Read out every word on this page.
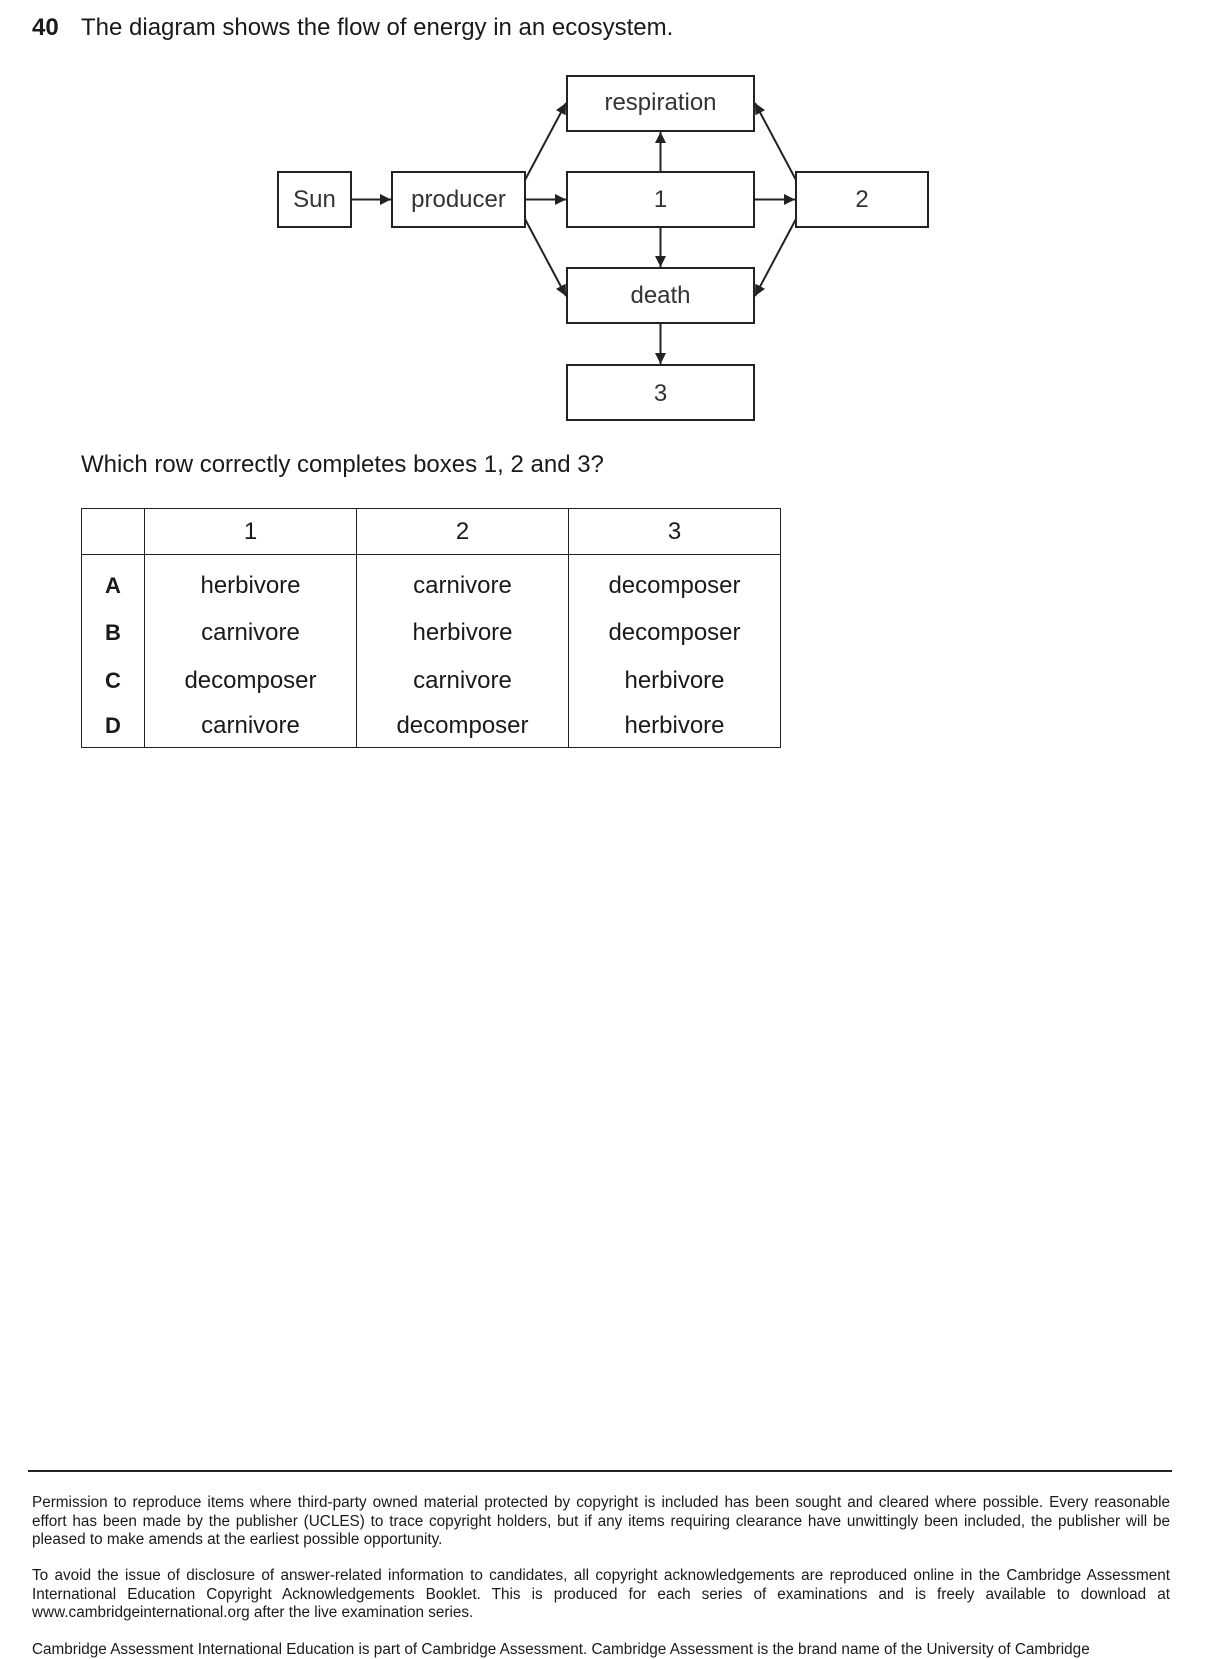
40 The diagram shows the flow of energy in an ecosystem.
Sun	producer
respiration
1	2
death
3
Which row correctly completes boxes 1, 2 and 3?
	1	2	3
A	herbivore	carnivore	decomposer
B	carnivore	herbivore	decomposer
C	decomposer	carnivore	herbivore
D	carnivore	decomposer	herbivore
Permission to reproduce items where third-party owned material protected by copyright is included has been sought and cleared where possible. Every reasonable effort has been made by the publisher (UCLES) to trace copyright holders, but if any items requiring clearance have unwittingly been included, the publisher will be pleased to make amends at the earliest possible opportunity.
To avoid the issue of disclosure of answer-related information to candidates, all copyright acknowledgements are reproduced online in the Cambridge Assessment International Education Copyright Acknowledgements Booklet. This is produced for each series of examinations and is freely available to download at www.cambridgeinternational.org after the live examination series.
Cambridge Assessment International Education is part of Cambridge Assessment. Cambridge Assessment is the brand name of the University of Cambridge
